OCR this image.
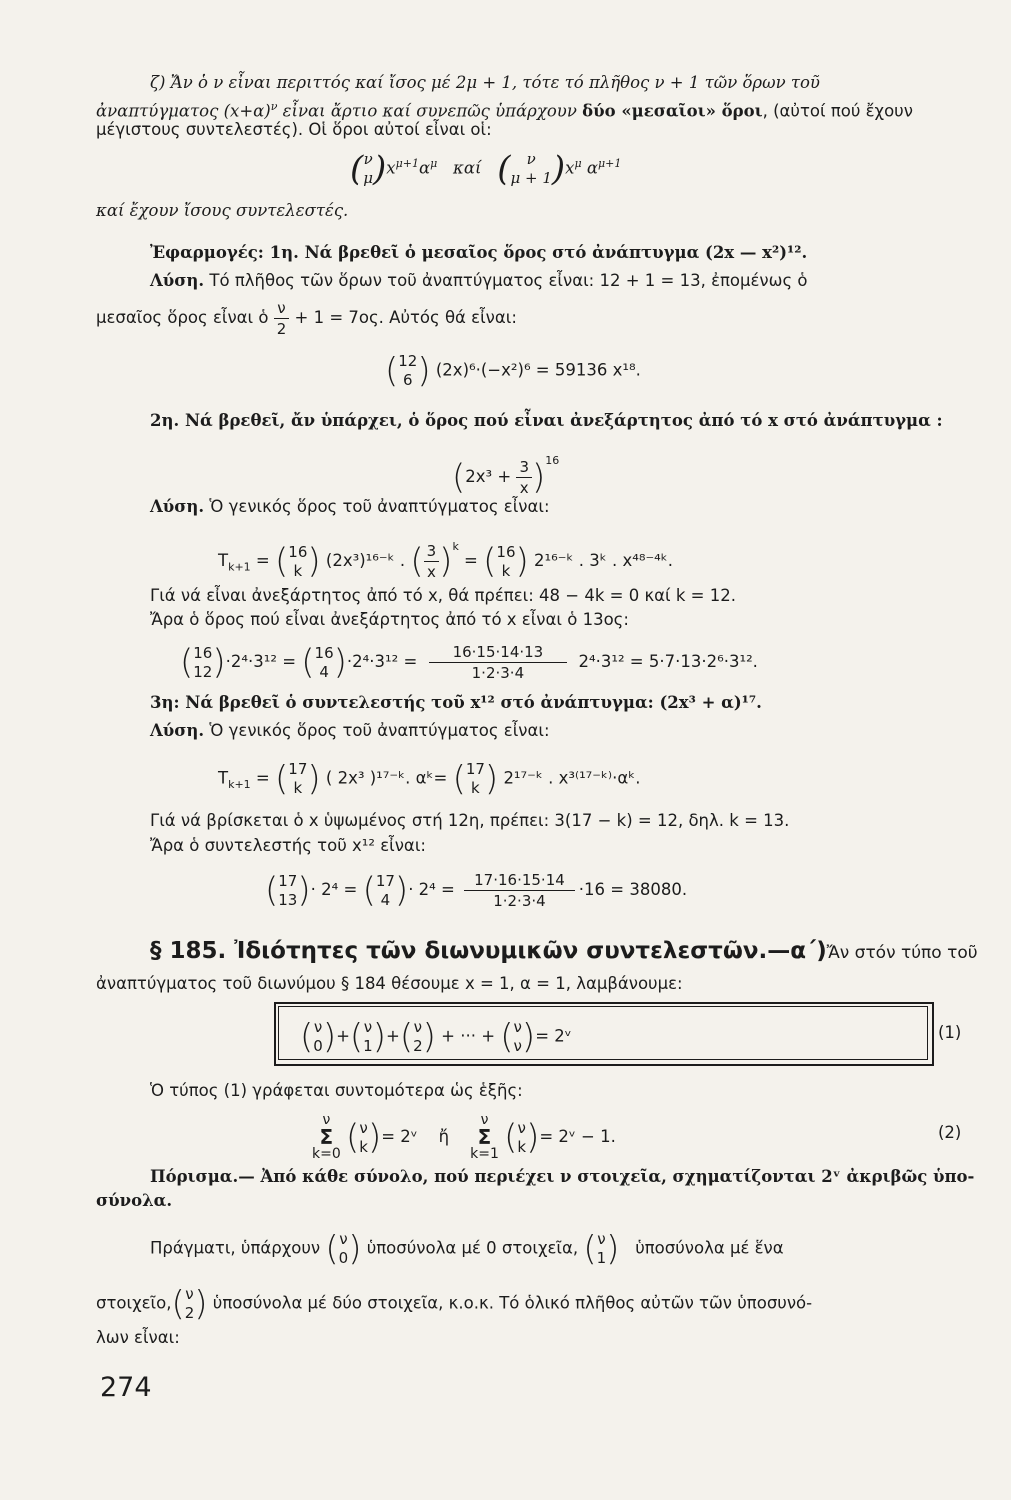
ζ) Ἄν ὁ ν εἶναι περιττός καί ἴσος μέ 2μ + 1, τότε τό πλῆθος ν + 1 τῶν ὅρων τοῦ
ἀναπτύγματος $(x+\alpha)^\nu$ εἶναι ἄρτιο καί συνεπῶς ὑπάρχουν δύο «μεσαῖοι» ὅροι, (αὐτοί πού ἔχουν
μέγιστους συντελεστές). Οἱ ὅροι αὐτοί εἶναι οἱ:
( ν
μ )$x^{\mu+1}\alpha^\mu$ καί (	ν
μ + 1 )$x^\mu$ $\alpha^{\mu+1}$
καί ἔχουν ἴσους συντελεστές.
Ἐφαρμογές: 1η. Νά βρεθεῖ ὁ μεσαῖος ὅρος στό ἀνάπτυγμα (2x — x²)¹².
Λύση. Τό πλῆθος τῶν ὅρων τοῦ ἀναπτύγματος εἶναι: 12 + 1 = 13, ἐπομένως ὁ
μεσαῖος ὅρος εἶναι ὁ $\frac{\nu}{2} + 1 = 7o\varsigma$. Αὐτός θά εἶναι:
( 12
6 ) (2x)⁶·(−x²)⁶ = 59136 x¹⁸.
2η. Νά βρεθεῖ, ἄν ὑπάρχει, ὁ ὅρος πού εἶναι ἀνεξάρτητος ἀπό τό x στό ἀνάπτυγμα :
$(2x^3 + \frac{3}{x} )^{16}$
Λύση. Ὁ γενικός ὅρος τοῦ ἀναπτύγματος εἶναι:
$T_{k+1}$ = ( 16
k ) (2x³)¹⁶⁻ᵏ . ( $\frac{3}{x} )^k$ = ( 16
k ) 2¹⁶⁻ᵏ . 3ᵏ . x⁴⁸⁻⁴ᵏ.
Γιά νά εἶναι ἀνεξάρτητος ἀπό τό x, θά πρέπει: 48 − 4k = 0 καί k = 12.
Ἄρα ὁ ὅρος πού εἶναι ἀνεξάρτητος ἀπό τό x εἶναι ὁ 13ος:
( 16
12 )·2⁴·3¹² = ( 16
4 )$\cdot 2^4\cdot 3^{12} = \frac{16\cdot 15\cdot 14\cdot 13}{1\cdot 2\cdot 3\cdot 4} 2^4\cdot 3^{12} = 5\cdot 7\cdot 13\cdot 2^6\cdot 3^{12}$.
3η: Νά βρεθεῖ ὁ συντελεστής τοῦ x¹² στό ἀνάπτυγμα: (2x³ + α)¹⁷.
Λύση. Ὁ γενικός ὅρος τοῦ ἀναπτύγματος εἶναι:
$T_{k+1}$ = ( 17
k ) ( 2x³ )¹⁷⁻ᵏ. αᵏ= ( 17
k ) 2¹⁷⁻ᵏ . x³⁽¹⁷⁻ᵏ⁾·αᵏ.
Γιά νά βρίσκεται ὁ x ὑψωμένος στή 12η, πρέπει: 3(17 − k) = 12, δηλ. k = 13.
Ἄρα ὁ συντελεστής τοῦ x¹² εἶναι:
( 17
13 )· 2⁴ = ( 17
4 )· $2^4 = \frac{17\cdot 16\cdot 15\cdot 14}{1\cdot 2\cdot 3\cdot 4} \cdot 16 = 38080$.
§ 185. Ἰδιότητες τῶν διωνυμικῶν συντελεστῶν.—α΄)Ἄν στόν τύπο τοῦ
ἀναπτύγματος τοῦ διωνύμου § 184 θέσουμε x = 1, α = 1, λαμβάνουμε:
( ν
0 )+( ν
1 )+( ν
2 ) + ··· + ( ν
ν )= 2ᵛ	(1)
Ὁ τύπος (1) γράφεται συντομότερα ὡς ἑξῆς:
ν
Σ
k=0 ( ν
k )= 2ᵛ ἤ
ν
Σ
k=1 ( ν
k )= 2ᵛ − 1.	(2)
Πόρισμα.— Ἀπό κάθε σύνολο, πού περιέχει ν στοιχεῖα, σχηματίζονται 2ᵛ ἀκριβῶς ὑπο-
σύνολα.
Πράγματι, ὑπάρχουν ( ν
0 ) ὑποσύνολα μέ 0 στοιχεῖα, ( ν
1 ) ὑποσύνολα μέ ἕνα
στοιχεῖο,( ν
2 ) ὑποσύνολα μέ δύο στοιχεῖα, κ.ο.κ. Τό ὁλικό πλῆθος αὐτῶν τῶν ὑποσυνό-
λων εἶναι:
274
